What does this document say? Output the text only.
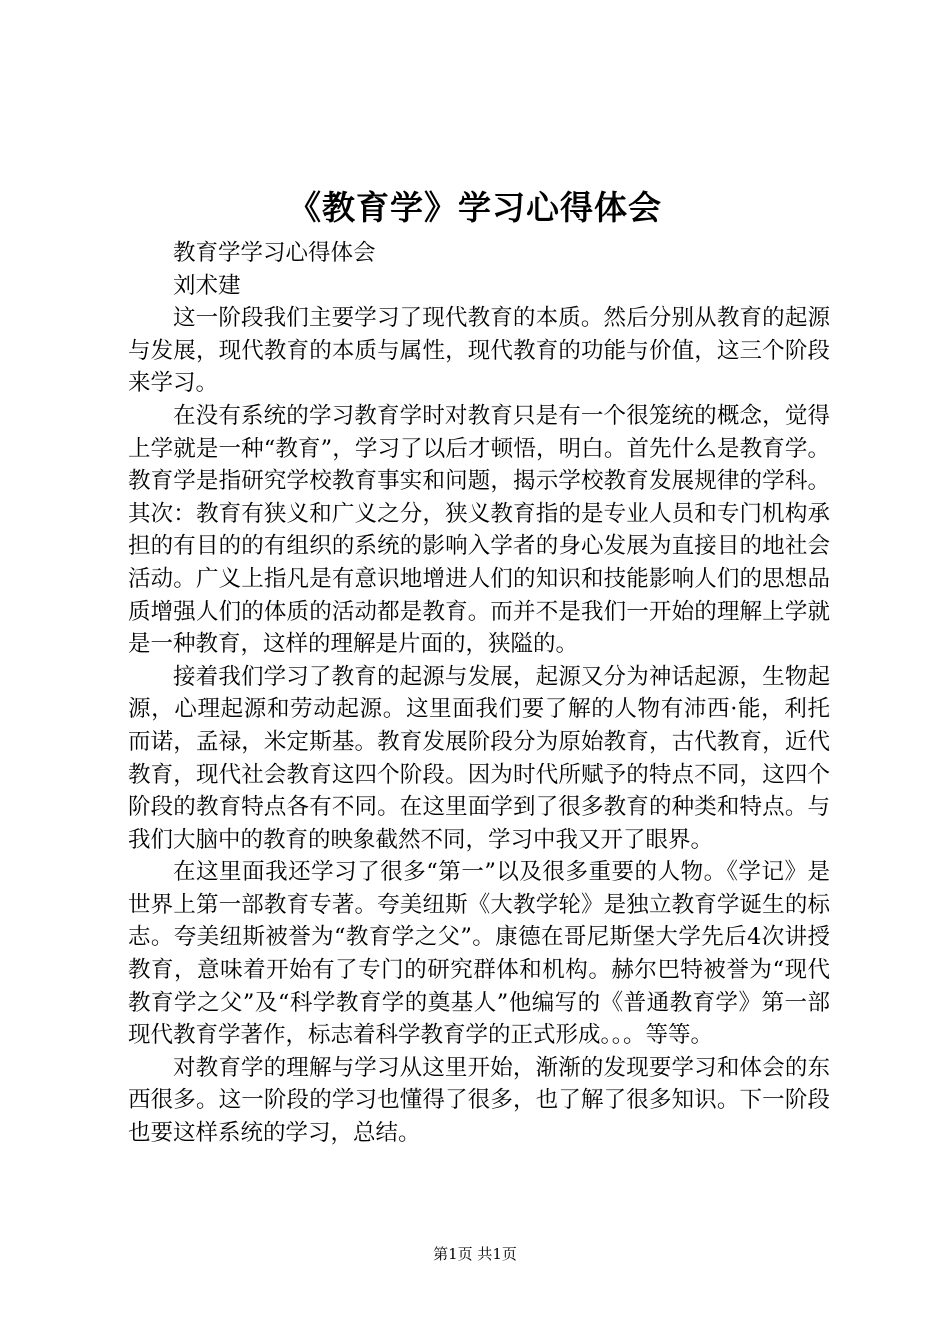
《教育学》学习心得体会

教育学学习心得体会

刘术建

这一阶段我们主要学习了现代教育的本质。然后分别从教育的起源与发展，现代教育的本质与属性，现代教育的功能与价值，这三个阶段来学习。

在没有系统的学习教育学时对教育只是有一个很笼统的概念，觉得上学就是一种“教育”，学习了以后才顿悟，明白。首先什么是教育学。教育学是指研究学校教育事实和问题，揭示学校教育发展规律的学科。其次：教育有狭义和广义之分，狭义教育指的是专业人员和专门机构承担的有目的的有组织的系统的影响入学者的身心发展为直接目的地社会活动。广义上指凡是有意识地增进人们的知识和技能影响人们的思想品质增强人们的体质的活动都是教育。而并不是我们一开始的理解上学就是一种教育，这样的理解是片面的，狭隘的。

接着我们学习了教育的起源与发展，起源又分为神话起源，生物起源，心理起源和劳动起源。这里面我们要了解的人物有沛西·能，利托而诺，孟禄，米定斯基。教育发展阶段分为原始教育，古代教育，近代教育，现代社会教育这四个阶段。因为时代所赋予的特点不同，这四个阶段的教育特点各有不同。在这里面学到了很多教育的种类和特点。与我们大脑中的教育的映象截然不同，学习中我又开了眼界。

在这里面我还学习了很多“第一”以及很多重要的人物。《学记》是世界上第一部教育专著。夸美纽斯《大教学轮》是独立教育学诞生的标志。夸美纽斯被誉为“教育学之父”。康德在哥尼斯堡大学先后4次讲授教育，意味着开始有了专门的研究群体和机构。赫尔巴特被誉为“现代教育学之父”及“科学教育学的奠基人”他编写的《普通教育学》第一部现代教育学著作，标志着科学教育学的正式形成。。。等等。

对教育学的理解与学习从这里开始，渐渐的发现要学习和体会的东西很多。这一阶段的学习也懂得了很多，也了解了很多知识。下一阶段也要这样系统的学习，总结。

第1页 共1页
